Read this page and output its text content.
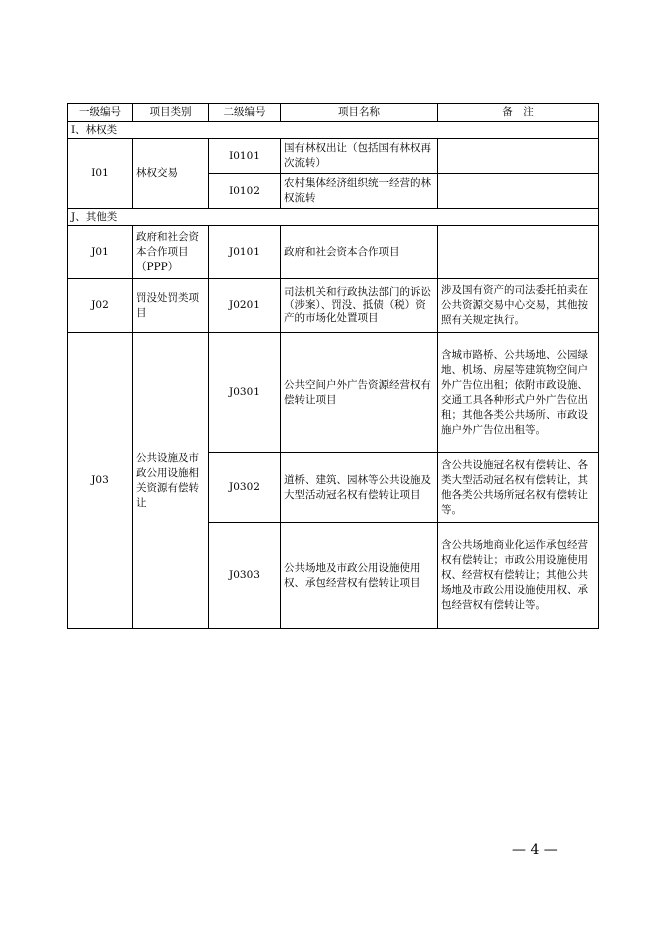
一级编号	项目类别	二级编号	项目名称	备　注
I、林权类				
I01	林权交易	I0101	国有林权出让（包括国有林权再次流转）	
		I0102	农村集体经济组织统一经营的林权流转	
J、其他类				
J01	政府和社会资本合作项目（PPP）	J0101	政府和社会资本合作项目	
J02	罚没处罚类项目	J0201	司法机关和行政执法部门的诉讼（涉案）、罚没、抵债（税）资产的市场化处置项目	涉及国有资产的司法委托拍卖在公共资源交易中心交易，其他按照有关规定执行。
J03	公共设施及市政公用设施相关资源有偿转让	J0301	公共空间户外广告资源经营权有偿转让项目	含城市路桥、公共场地、公园绿地、机场、房屋等建筑物空间户外广告位出租；依附市政设施、交通工具各种形式户外广告位出租；其他各类公共场所、市政设施户外广告位出租等。
		J0302	道桥、建筑、园林等公共设施及大型活动冠名权有偿转让项目	含公共设施冠名权有偿转让、各类大型活动冠名权有偿转让，其他各类公共场所冠名权有偿转让等。
		J0303	公共场地及市政公用设施使用权、承包经营权有偿转让项目	含公共场地商业化运作承包经营权有偿转让；市政公用设施使用权、经营权有偿转让；其他公共场地及市政公用设施使用权、承包经营权有偿转让等。
— 4 —
